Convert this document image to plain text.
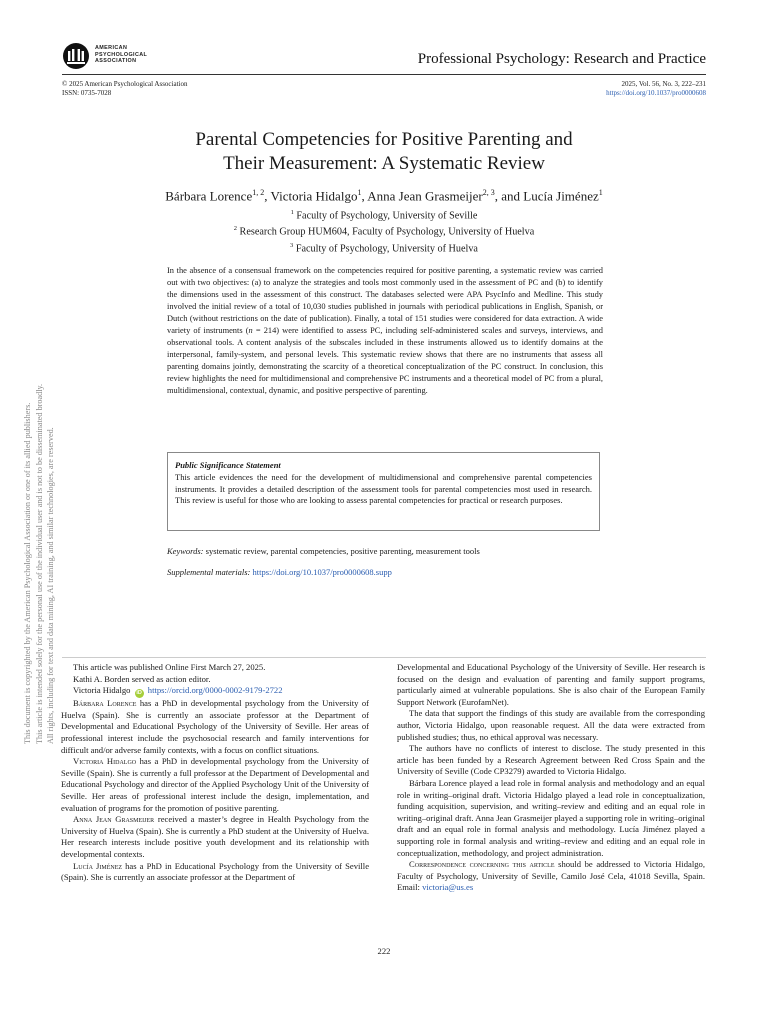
AMERICAN
PSYCHOLOGICAL
ASSOCIATION	Professional Psychology: Research and Practice
© 2025 American Psychological Association
ISSN: 0735-7028
2025, Vol. 56, No. 3, 222–231
https://doi.org/10.1037/pro0000608
Parental Competencies for Positive Parenting and
Their Measurement: A Systematic Review
Bárbara Lorence$^{1, 2}$, Victoria Hidalgo$^1$, Anna Jean Grasmeijer$^{2, 3}$, and Lucía Jiménez$^1$
$^1$ Faculty of Psychology, University of Seville
$^2$ Research Group HUM604, Faculty of Psychology, University of Huelva
$^3$ Faculty of Psychology, University of Huelva
In the absence of a consensual framework on the competencies required for positive parenting, a systematic review was carried out with two objectives: (a) to analyze the strategies and tools most commonly used in the assessment of PC and (b) to identify the dimensions used in the assessment of this construct. The databases selected were APA PsycInfo and Medline. This study involved the initial review of a total of 10,030 studies published in journals with periodical publications in English, Spanish, or Dutch (without restrictions on the date of publication). Finally, a total of 151 studies were considered for data extraction. A wide variety of instruments (n = 214) were identified to assess PC, including self-administered scales and surveys, interviews, and observational tools. A content analysis of the subscales included in these instruments allowed us to identify domains at the interpersonal, family-system, and personal levels. This systematic review shows that there are no instruments that assess all parenting domains jointly, demonstrating the scarcity of a theoretical conceptualization of the PC construct. In conclusion, this review highlights the need for multidimensional and comprehensive PC instruments and a theoretical model of PC from a plural, multidimensional, contextual, dynamic, and positive perspective of parenting.
Public Significance Statement
This article evidences the need for the development of multidimensional and comprehensive parental competencies instruments. It provides a detailed description of the assessment tools for parental competencies most used in research. This review is useful for those who are looking to assess parental competencies for practical or research purposes.
Keywords: systematic review, parental competencies, positive parenting, measurement tools
Supplemental materials: https://doi.org/10.1037/pro0000608.supp

This article was published Online First March 27, 2025.

Kathi A. Borden served as action editor.

Victoria Hidalgo iD https://orcid.org/0000-0002-9179-2722

Bárbara Lorence has a PhD in developmental psychology from the University of Huelva (Spain). She is currently an associate professor at the Department of Developmental and Educational Psychology of the University of Seville. Her areas of professional interest include the psychosocial research and family interventions for difficult and/or adverse family contexts, with a focus on conflict situations.

Victoria Hidalgo has a PhD in developmental psychology from the University of Seville (Spain). She is currently a full professor at the Department of Developmental and Educational Psychology and director of the Applied Psychology Unit of the University of Seville. Her areas of professional interest include the design, implementation, and evaluation of programs for the promotion of positive parenting.

Anna Jean Grasmeijer received a master’s degree in Health Psychology from the University of Huelva (Spain). She is currently a PhD student at the University of Huelva. Her research interests include positive youth development and its relationship with developmental contexts.

Lucía Jiménez has a PhD in Educational Psychology from the University of Seville (Spain). She is currently an associate professor at the Department of

Developmental and Educational Psychology of the University of Seville. Her research is focused on the design and evaluation of parenting and family support programs, particularly aimed at vulnerable populations. She is also chair of the European Family Support Network (EurofamNet).

The data that support the findings of this study are available from the corresponding author, Victoria Hidalgo, upon reasonable request. All the data were extracted from published studies; thus, no ethical approval was necessary.

The authors have no conflicts of interest to disclose. The study presented in this article has been funded by a Research Agreement between Red Cross Spain and the University of Seville (Code CP3279) awarded to Victoria Hidalgo.

Bárbara Lorence played a lead role in formal analysis and methodology and an equal role in writing–original draft. Victoria Hidalgo played a lead role in conceptualization, funding acquisition, supervision, and writing–review and editing and an equal role in writing–original draft. Anna Jean Grasmeijer played a supporting role in writing–original draft and an equal role in formal analysis and methodology. Lucía Jiménez played a supporting role in formal analysis and writing–review and editing and an equal role in conceptualization, methodology, and project administration.

Correspondence concerning this article should be addressed to Victoria Hidalgo, Faculty of Psychology, University of Seville, Camilo José Cela, 41018 Sevilla, Spain. Email: victoria@us.es

222
This document is copyrighted by the American Psychological Association or one of its allied publishers. This article is intended solely for the personal use of the individual user and is not to be disseminated broadly. All rights, including for text and data mining, AI training, and similar technologies, are reserved.
